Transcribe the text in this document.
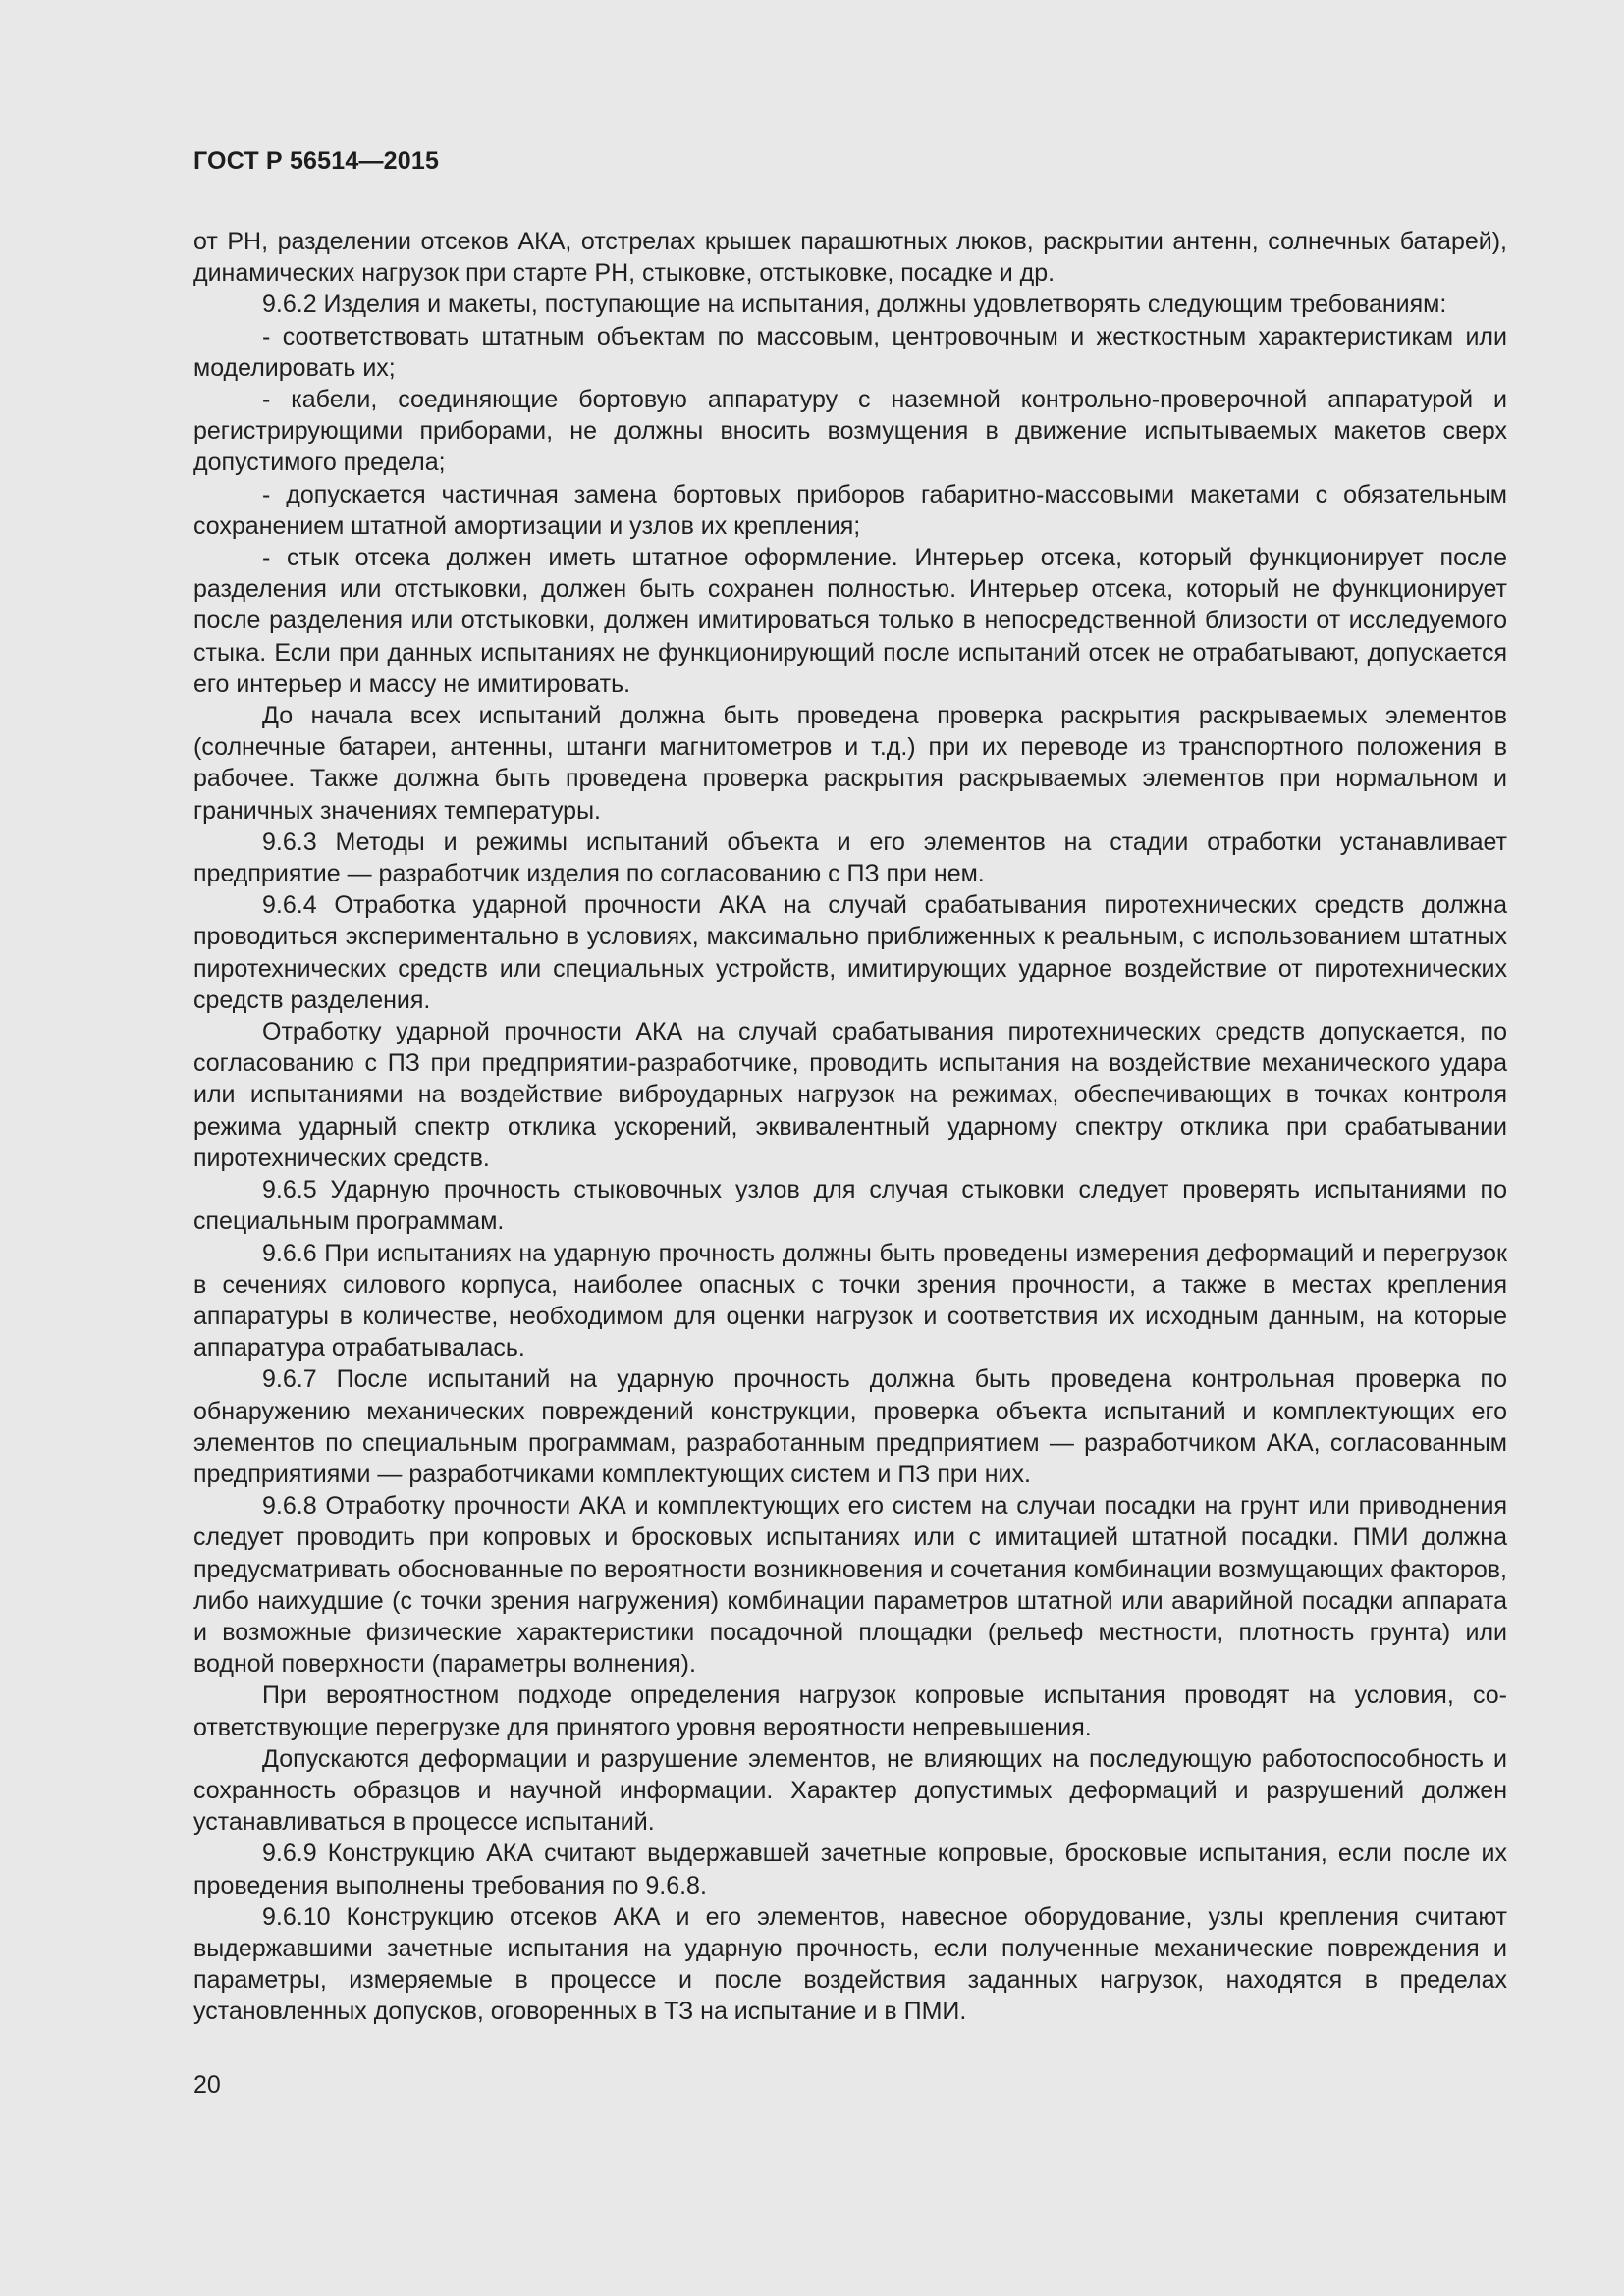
ГОСТ Р 56514—2015

от РН, разделении отсеков АКА, отстрелах крышек парашютных люков, раскрытии антенн, солнечных батарей), динамических нагрузок при старте РН, стыковке, отстыковке, посадке и др.

9.6.2 Изделия и макеты, поступающие на испытания, должны удовлетворять следующим требованиям:

- соответствовать штатным объектам по массовым, центровочным и жесткостным характеристикам или моделировать их;

- кабели, соединяющие бортовую аппаратуру с наземной контрольно-проверочной аппаратурой и регистрирующими приборами, не должны вносить возмущения в движение испытываемых макетов сверх допустимого предела;

- допускается частичная замена бортовых приборов габаритно-массовыми макетами с обязательным сохранением штатной амортизации и узлов их крепления;

- стык отсека должен иметь штатное оформление. Интерьер отсека, который функционирует после разделения или отстыковки, должен быть сохранен полностью. Интерьер отсека, который не функционирует после разделения или отстыковки, должен имитироваться только в непосредственной близости от исследуемого стыка. Если при данных испытаниях не функционирующий после испытаний отсек не отрабатывают, допускается его интерьер и массу не имитировать.

До начала всех испытаний должна быть проведена проверка раскрытия раскрываемых элементов (солнечные батареи, антенны, штанги магнитометров и т.д.) при их переводе из транспортного положения в рабочее. Также должна быть проведена проверка раскрытия раскрываемых элементов при нормальном и граничных значениях температуры.

9.6.3 Методы и режимы испытаний объекта и его элементов на стадии отработки устанавливает предприятие — разработчик изделия по согласованию с ПЗ при нем.

9.6.4 Отработка ударной прочности АКА на случай срабатывания пиротехнических средств должна проводиться экспериментально в условиях, максимально приближенных к реальным, с использованием штатных пиротехнических средств или специальных устройств, имитирующих ударное воздействие от пиротехнических средств разделения.

Отработку ударной прочности АКА на случай срабатывания пиротехнических средств допускается, по согласованию с ПЗ при предприятии-разработчике, проводить испытания на воздействие механического удара или испытаниями на воздействие виброударных нагрузок на режимах, обеспечивающих в точках контроля режима ударный спектр отклика ускорений, эквивалентный ударному спектру отклика при срабатывании пиротехнических средств.

9.6.5 Ударную прочность стыковочных узлов для случая стыковки следует проверять испытаниями по специальным программам.

9.6.6 При испытаниях на ударную прочность должны быть проведены измерения деформаций и перегрузок в сечениях силового корпуса, наиболее опасных с точки зрения прочности, а также в местах крепления аппаратуры в количестве, необходимом для оценки нагрузок и соответствия их исходным данным, на которые аппаратура отрабатывалась.

9.6.7 После испытаний на ударную прочность должна быть проведена контрольная проверка по обнаружению механических повреждений конструкции, проверка объекта испытаний и комплектующих его элементов по специальным программам, разработанным предприятием — разработчиком АКА, согласованным предприятиями — разработчиками комплектующих систем и ПЗ при них.

9.6.8 Отработку прочности АКА и комплектующих его систем на случаи посадки на грунт или приводнения следует проводить при копровых и бросковых испытаниях или с имитацией штатной посадки. ПМИ должна предусматривать обоснованные по вероятности возникновения и сочетания комбинации возмущающих факторов, либо наихудшие (с точки зрения нагружения) комбинации параметров штатной или аварийной посадки аппарата и возможные физические характеристики посадочной площадки (рельеф местности, плотность грунта) или водной поверхности (параметры волнения).

При вероятностном подходе определения нагрузок копровые испытания проводят на условия, соответствующие перегрузке для принятого уровня вероятности непревышения.

Допускаются деформации и разрушение элементов, не влияющих на последующую работоспособность и сохранность образцов и научной информации. Характер допустимых деформаций и разрушений должен устанавливаться в процессе испытаний.

9.6.9 Конструкцию АКА считают выдержавшей зачетные копровые, бросковые испытания, если после их проведения выполнены требования по 9.6.8.

9.6.10 Конструкцию отсеков АКА и его элементов, навесное оборудование, узлы крепления считают выдержавшими зачетные испытания на ударную прочность, если полученные механические повреждения и параметры, измеряемые в процессе и после воздействия заданных нагрузок, находятся в пределах установленных допусков, оговоренных в ТЗ на испытание и в ПМИ.

20
